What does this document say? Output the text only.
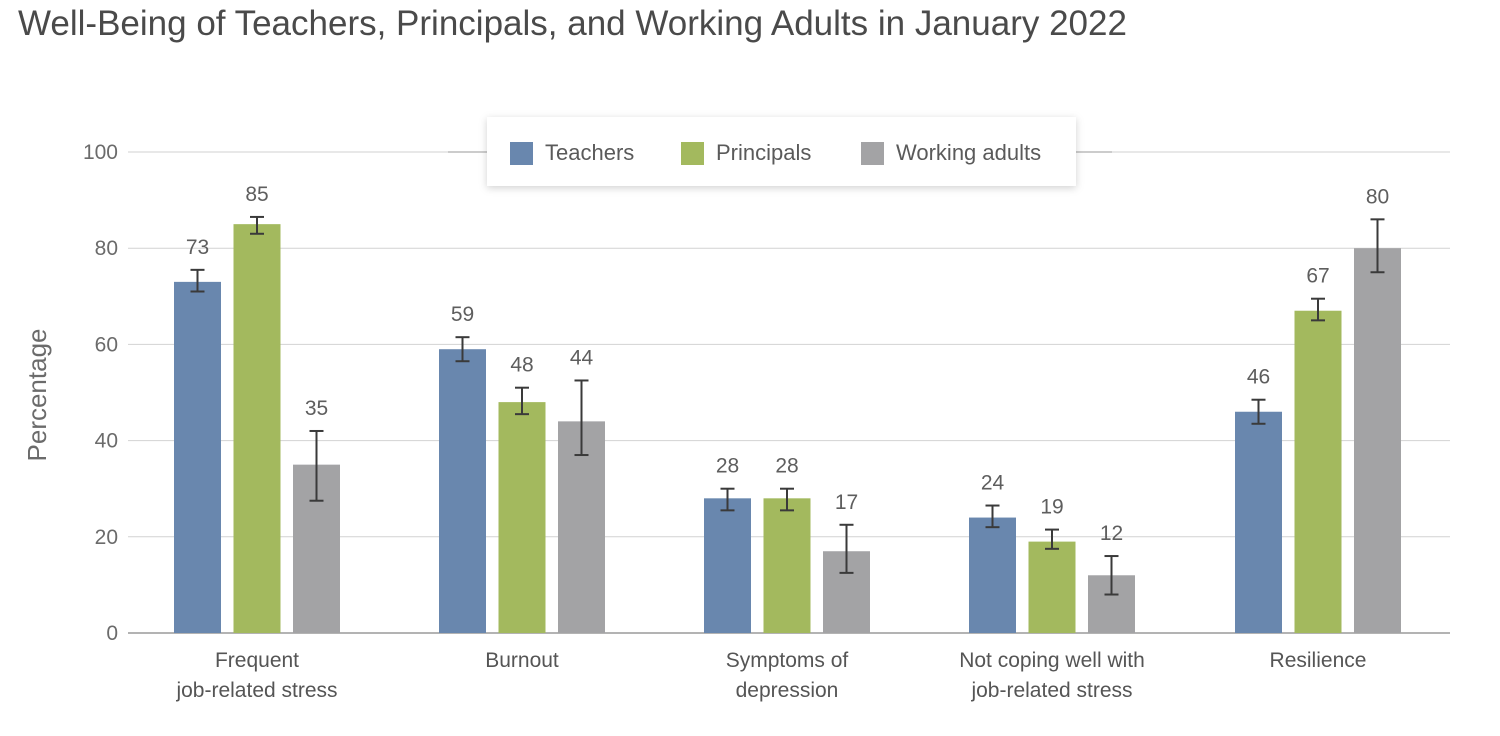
Well-Being of Teachers, Principals, and Working Adults in January 2022
0
20
40
60
80
100
73
59
28
24
46
85
48
28
19
67
35
44
17
12
80
Frequent job-related stress
Burnout	Symptoms of depression
Not coping well with job-related stress
Resilience
Percentage
Teachers	Principals	Working adults
